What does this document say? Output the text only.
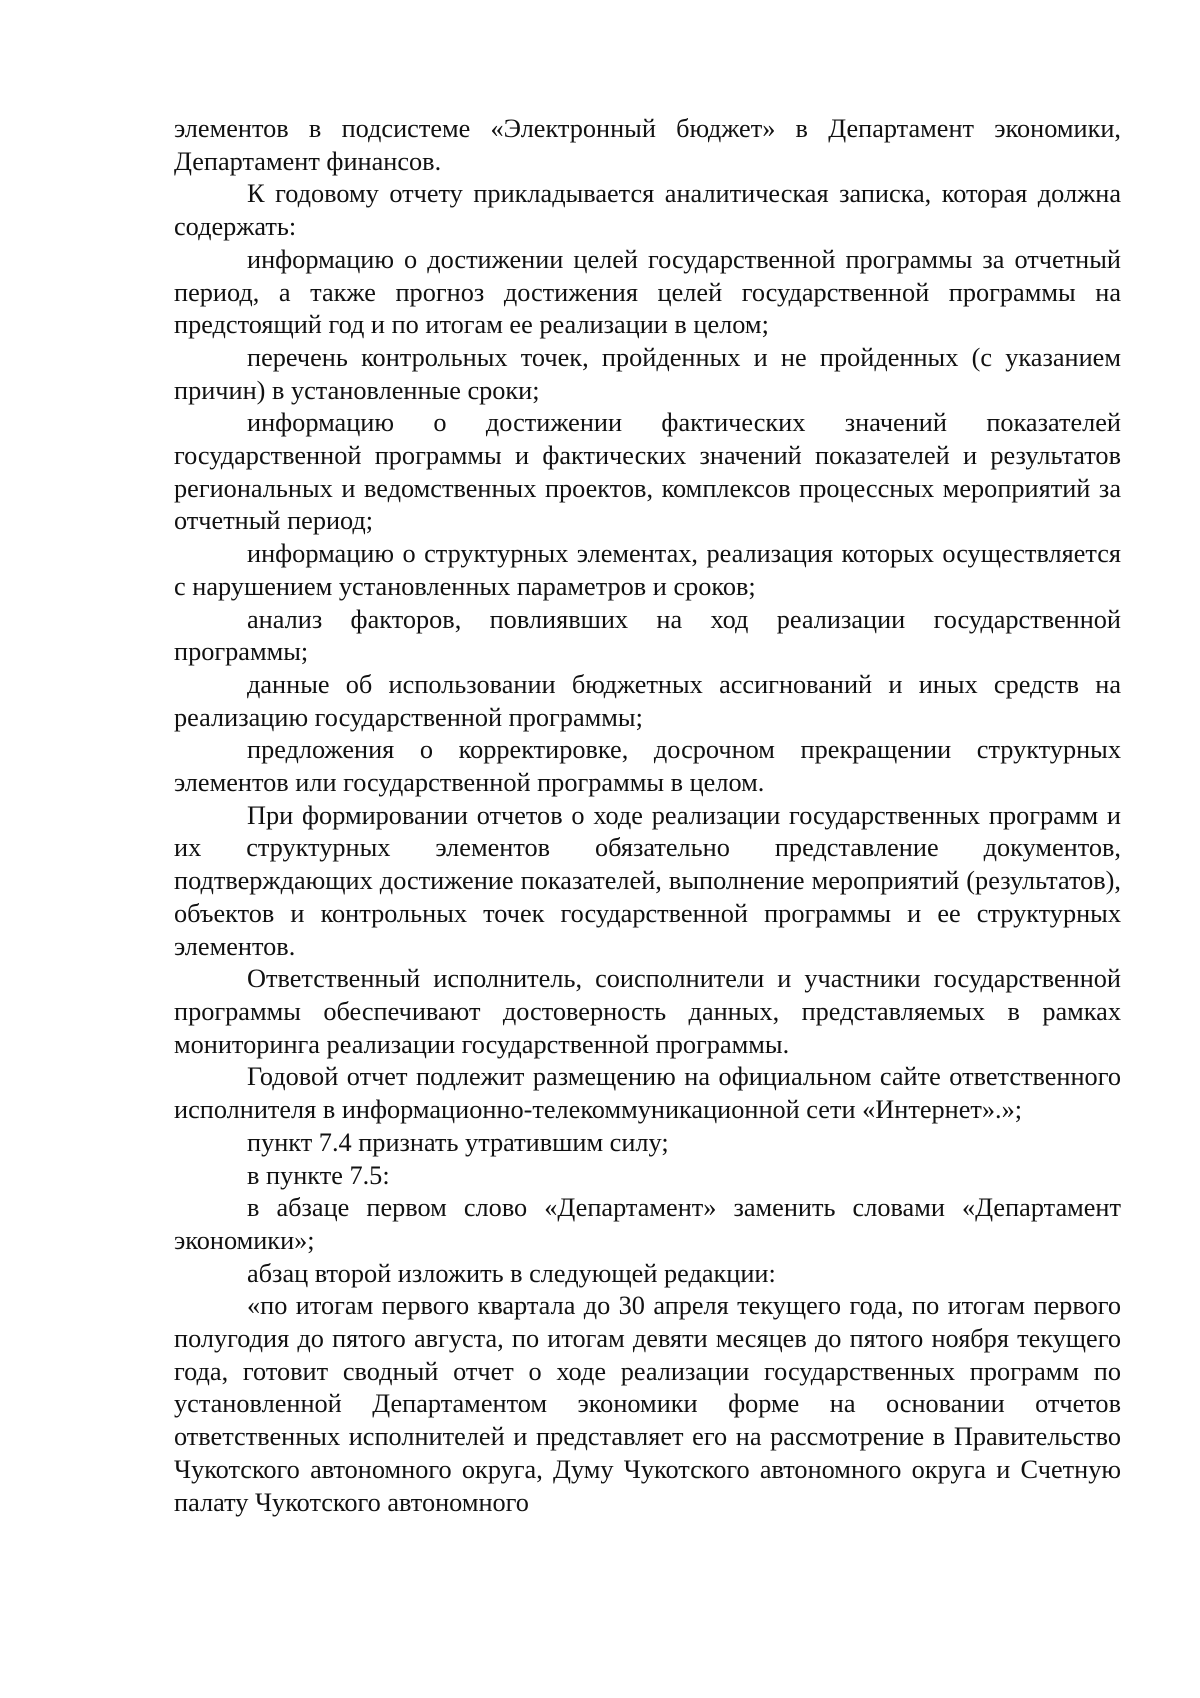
элементов в подсистеме «Электронный бюджет» в Департамент экономики, Департамент финансов.

К годовому отчету прикладывается аналитическая записка, которая должна содержать:

информацию о достижении целей государственной программы за отчетный период, а также прогноз достижения целей государственной программы на предстоящий год и по итогам ее реализации в целом;

перечень контрольных точек, пройденных и не пройденных (с указанием причин) в установленные сроки;

информацию о достижении фактических значений показателей государственной программы и фактических значений показателей и результатов региональных и ведомственных проектов, комплексов процессных мероприятий за отчетный период;

информацию о структурных элементах, реализация которых осуществляется с нарушением установленных параметров и сроков;

анализ факторов, повлиявших на ход реализации государственной программы;

данные об использовании бюджетных ассигнований и иных средств на реализацию государственной программы;

предложения о корректировке, досрочном прекращении структурных элементов или государственной программы в целом.

При формировании отчетов о ходе реализации государственных программ и их структурных элементов обязательно представление документов, подтверждающих достижение показателей, выполнение мероприятий (результатов), объектов и контрольных точек государственной программы и ее структурных элементов.

Ответственный исполнитель, соисполнители и участники государственной программы обеспечивают достоверность данных, представляемых в рамках мониторинга реализации государственной программы.

Годовой отчет подлежит размещению на официальном сайте ответственного исполнителя в информационно-телекоммуникационной сети «Интернет».»;

пункт 7.4 признать утратившим силу;

в пункте 7.5:

в абзаце первом слово «Департамент» заменить словами «Департамент экономики»;

абзац второй изложить в следующей редакции:

«по итогам первого квартала до 30 апреля текущего года, по итогам первого полугодия до пятого августа, по итогам девяти месяцев до пятого ноября текущего года, готовит сводный отчет о ходе реализации государственных программ по установленной Департаментом экономики форме на основании отчетов ответственных исполнителей и представляет его на рассмотрение в Правительство Чукотского автономного округа, Думу Чукотского автономного округа и Счетную палату Чукотского автономного
